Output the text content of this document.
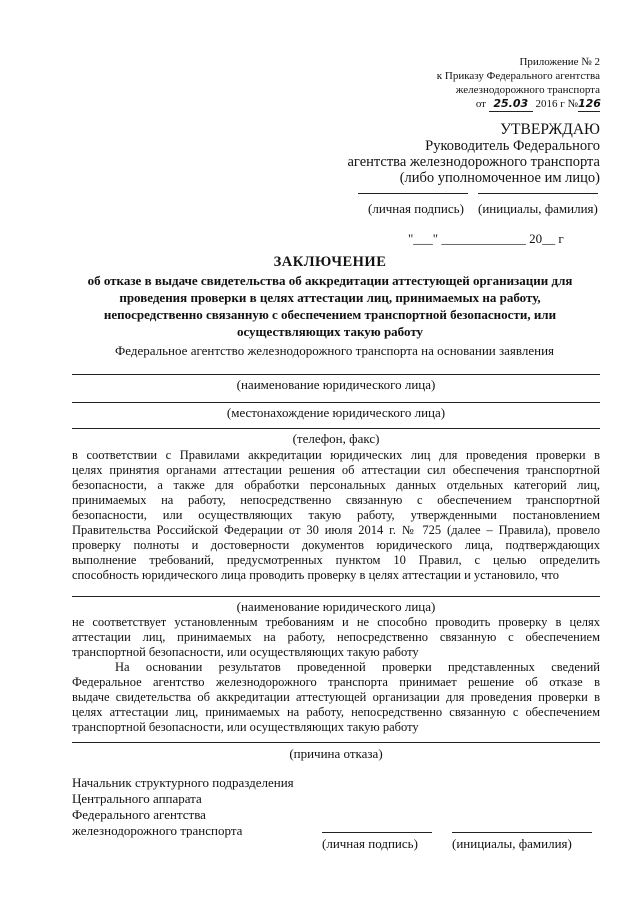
Приложение № 2
к Приказу Федерального агентства
железнодорожного транспорта
от 25.03 2016 г №126
УТВЕРЖДАЮ
Руководитель Федерального
агентства железнодорожного транспорта
(либо уполномоченное им лицо)
(личная подпись) (инициалы, фамилия)
"___" _____________ 20__ г
ЗАКЛЮЧЕНИЕ
об отказе в выдаче свидетельства об аккредитации аттестующей организации для
проведения проверки в целях аттестации лиц, принимаемых на работу,
непосредственно связанную с обеспечением транспортной безопасности, или
осуществляющих такую работу
Федеральное агентство железнодорожного транспорта на основании заявления
(наименование юридического лица)
(местонахождение юридического лица)
(телефон, факс)
в соответствии с Правилами аккредитации юридических лиц для проведения проверки в
целях принятия органами аттестации решения об аттестации сил обеспечения транспортной
безопасности, а также для обработки персональных данных отдельных категорий лиц,
принимаемых на работу, непосредственно связанную с обеспечением транспортной
безопасности, или осуществляющих такую работу, утвержденными постановлением
Правительства Российской Федерации от 30 июля 2014 г. № 725 (далее – Правила), провело
проверку полноты и достоверности документов юридического лица, подтверждающих
выполнение требований, предусмотренных пунктом 10 Правил, с целью определить
способность юридического лица проводить проверку в целях аттестации и установило, что
(наименование юридического лица)
не соответствует установленным требованиям и не способно проводить проверку в целях
аттестации лиц, принимаемых на работу, непосредственно связанную с обеспечением
транспортной безопасности, или осуществляющих такую работу
На основании результатов проведенной проверки представленных сведений
Федеральное агентство железнодорожного транспорта принимает решение об отказе в
выдаче свидетельства об аккредитации аттестующей организации для проведения проверки в
целях аттестации лиц, принимаемых на работу, непосредственно связанную с обеспечением
транспортной безопасности, или осуществляющих такую работу
(причина отказа)
Начальник структурного подразделения
Центрального аппарата
Федерального агентства
железнодорожного транспорта
(личная подпись)	(инициалы, фамилия)
